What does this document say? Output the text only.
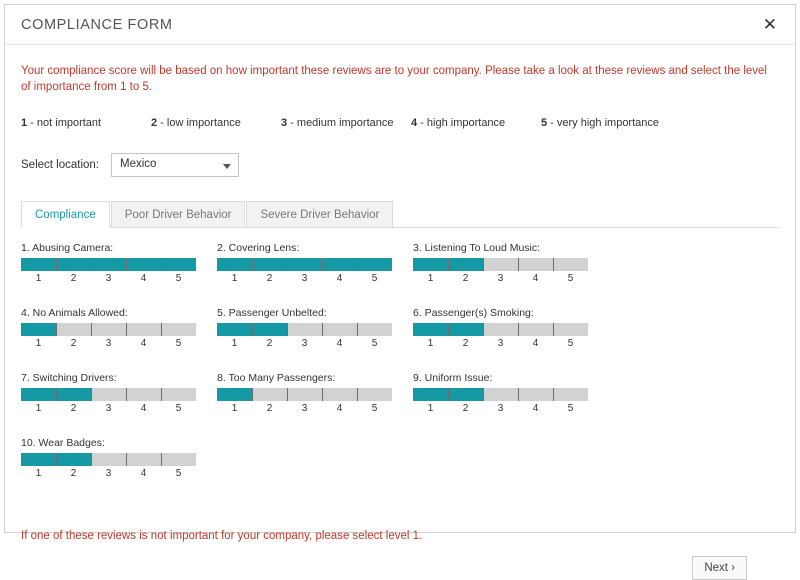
COMPLIANCE FORM	✕
Your compliance score will be based on how important these reviews are to your company. Please take a look at these reviews and select the level of importance from 1 to 5.
1 - not important	2 - low importance	3 - medium importance	4 - high importance	5 - very high importance
Select location: Mexico
Compliance	Poor Driver Behavior	Severe Driver Behavior
1. Abusing Camera:
1	2	3	4	5
2. Covering Lens:
1	2	3	4	5
3. Listening To Loud Music:
1	2	3	4	5
4. No Animals Allowed:
1	2	3	4	5
5. Passenger Unbelted:
1	2	3	4	5
6. Passenger(s) Smoking:
1	2	3	4	5
7. Switching Drivers:
1	2	3	4	5
8. Too Many Passengers:
1	2	3	4	5
9. Uniform Issue:
1	2	3	4	5
10. Wear Badges:
1	2	3	4	5
If one of these reviews is not important for your company, please select level 1.
Next ›
